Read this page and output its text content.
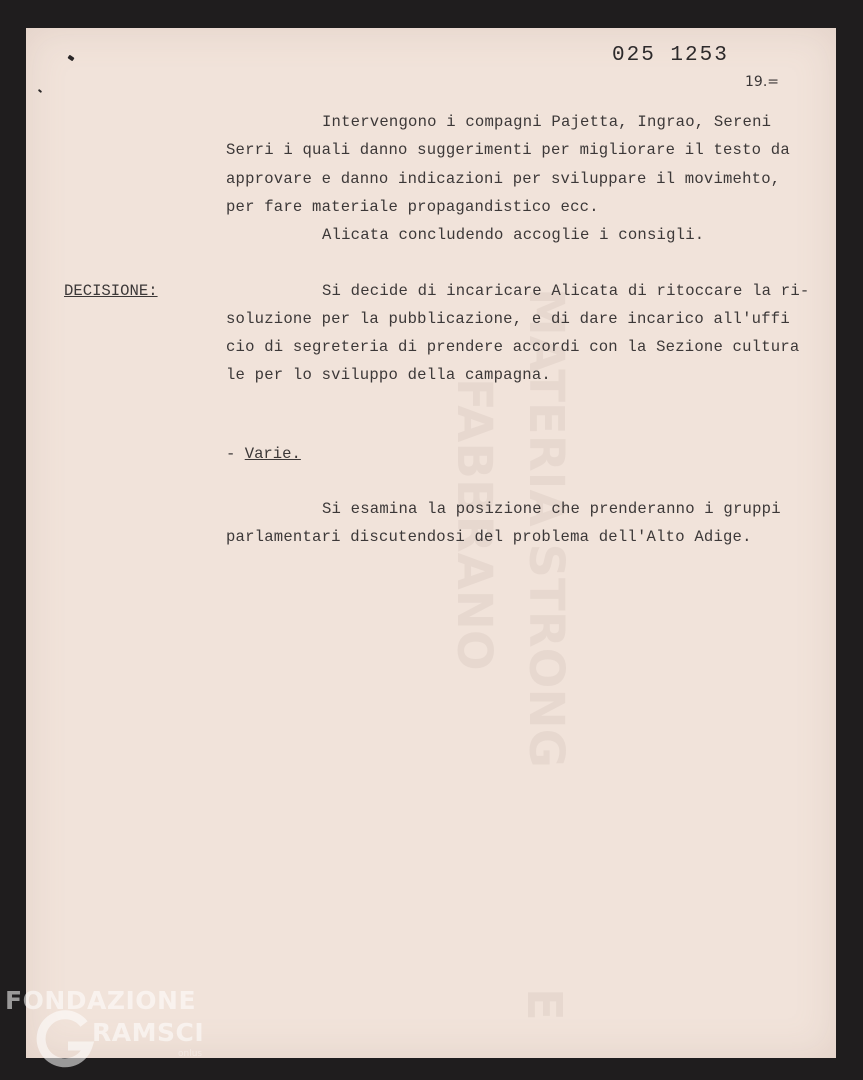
FABBRANO MATERIA STRONG
E
025 1253
19.=
Intervengono i compagni Pajetta, Ingrao, Sereni
Serri i quali danno suggerimenti per migliorare il testo da
approvare e danno indicazioni per sviluppare il movimehto,
per fare materiale propagandistico ecc.
Alicata concludendo accoglie i consigli.
DECISIONE:	Si decide di incaricare Alicata di ritoccare la ri-
soluzione per la pubblicazione, e di dare incarico all'uffi
cio di segreteria di prendere accordi con la Sezione cultura
le per lo sviluppo della campagna.
- Varie.
Si esamina la posizione che prenderanno i gruppi
parlamentari discutendosi del problema dell'Alto Adige.
FONDAZIONE
RAMSCI
onlus
